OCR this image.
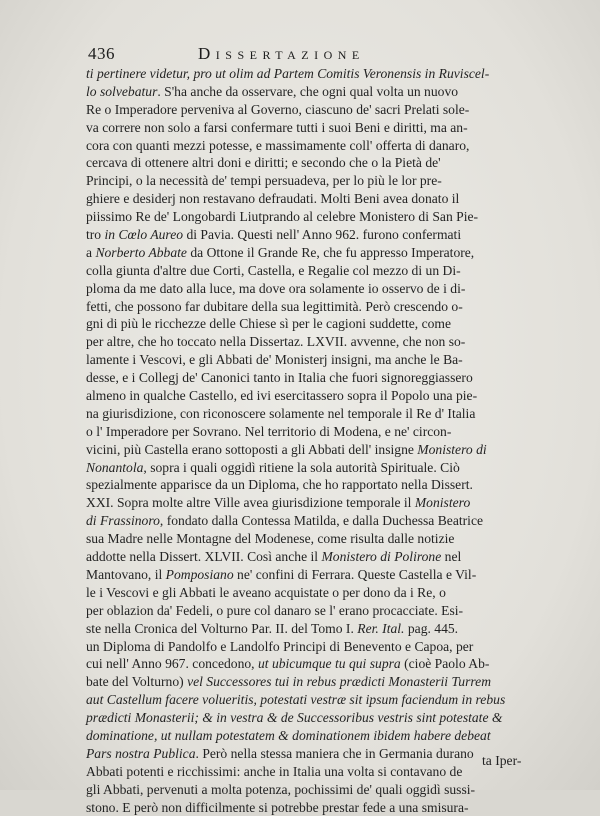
436	Dissertazione
ti pertinere videtur, pro ut olim ad Partem Comitis Veronensis in Ruviscel-
lo solvebatur. S'ha anche da osservare, che ogni qual volta un nuovo
Re o Imperadore perveniva al Governo, ciascuno de' sacri Prelati sole-
va correre non solo a farsi confermare tutti i suoi Beni e diritti, ma an-
cora con quanti mezzi potesse, e massimamente coll' offerta di danaro,
cercava di ottenere altri doni e diritti; e secondo che o la Pietà de'
Principi, o la necessità de' tempi persuadeva, per lo più le lor pre-
ghiere e desiderj non restavano defraudati. Molti Beni avea donato il
piissimo Re de' Longobardi Liutprando al celebre Monistero di San Pie-
tro in Cœlo Aureo di Pavia. Questi nell' Anno 962. furono confermati
a Norberto Abbate da Ottone il Grande Re, che fu appresso Imperatore,
colla giunta d'altre due Corti, Castella, e Regalie col mezzo di un Di-
ploma da me dato alla luce, ma dove ora solamente io osservo de i di-
fetti, che possono far dubitare della sua legittimità. Però crescendo o-
gni di più le ricchezze delle Chiese sì per le cagioni suddette, come
per altre, che ho toccato nella Dissertaz. LXVII. avvenne, che non so-
lamente i Vescovi, e gli Abbati de' Monisterj insigni, ma anche le Ba-
desse, e i Collegj de' Canonici tanto in Italia che fuori signoreggiassero
almeno in qualche Castello, ed ivi esercitassero sopra il Popolo una pie-
na giurisdizione, con riconoscere solamente nel temporale il Re d' Italia
o l' Imperadore per Sovrano. Nel territorio di Modena, e ne' circon-
vicini, più Castella erano sottoposti a gli Abbati dell' insigne Monistero di
Nonantola, sopra i quali oggidì ritiene la sola autorità Spirituale. Ciò
spezialmente apparisce da un Diploma, che ho rapportato nella Dissert.
XXI. Sopra molte altre Ville avea giurisdizione temporale il Monistero
di Frassinoro, fondato dalla Contessa Matilda, e dalla Duchessa Beatrice
sua Madre nelle Montagne del Modenese, come risulta dalle notizie
addotte nella Dissert. XLVII. Così anche il Monistero di Polirone nel
Mantovano, il Pomposiano ne' confini di Ferrara. Queste Castella e Vil-
le i Vescovi e gli Abbati le aveano acquistate o per dono da i Re, o
per oblazion da' Fedeli, o pure col danaro se l' erano procacciate. Esi-
ste nella Cronica del Volturno Par. II. del Tomo I. Rer. Ital. pag. 445.
un Diploma di Pandolfo e Landolfo Principi di Benevento e Capoa, per
cui nell' Anno 967. concedono, ut ubicumque tu qui supra (cioè Paolo Ab-
bate del Volturno) vel Successores tui in rebus prædicti Monasterii Turrem
aut Castellum facere volueritis, potestati vestræ sit ipsum faciendum in rebus
prædicti Monasterii; & in vestra & de Successoribus vestris sint potestate &
dominatione, ut nullam potestatem & dominationem ibidem habere debeat
Pars nostra Publica. Però nella stessa maniera che in Germania durano
Abbati potenti e ricchissimi: anche in Italia una volta si contavano de
gli Abbati, pervenuti a molta potenza, pochissimi de' quali oggidì sussi-
stono. E però non difficilmente si potrebbe prestar fede a una smisura-
ta Iper-
